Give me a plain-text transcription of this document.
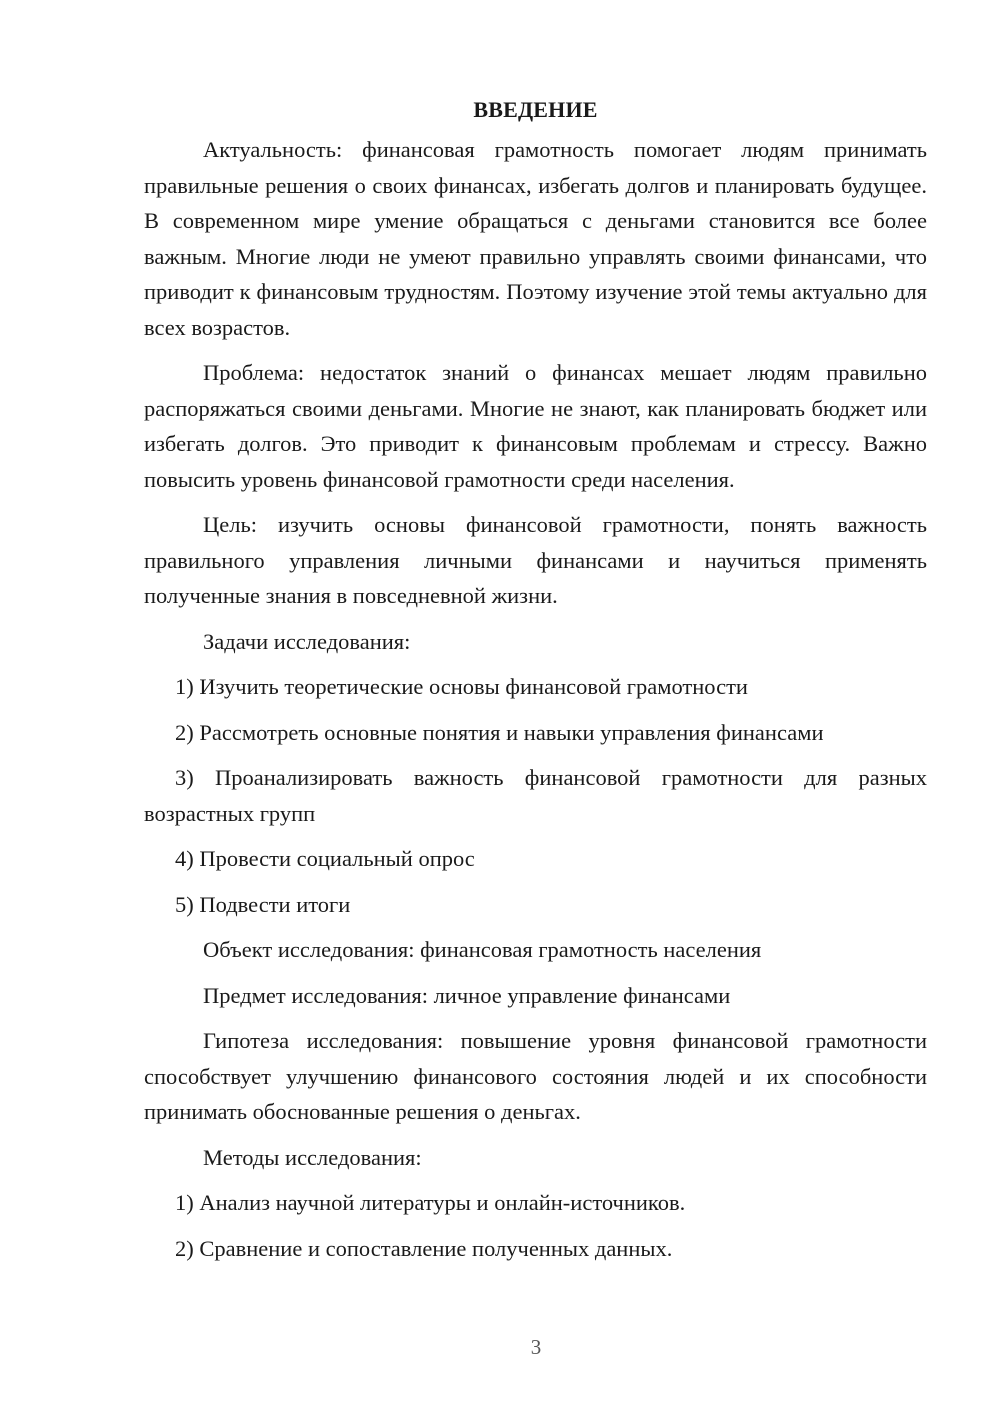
ВВЕДЕНИЕ

Актуальность: финансовая грамотность помогает людям принимать правильные решения о своих финансах, избегать долгов и планировать будущее. В современном мире умение обращаться с деньгами становится все более важным. Многие люди не умеют правильно управлять своими финансами, что приводит к финансовым трудностям. Поэтому изучение этой темы актуально для всех возрастов.

Проблема: недостаток знаний о финансах мешает людям правильно распоряжаться своими деньгами. Многие не знают, как планировать бюджет или избегать долгов. Это приводит к финансовым проблемам и стрессу. Важно повысить уровень финансовой грамотности среди населения.

Цель: изучить основы финансовой грамотности, понять важность правильного управления личными финансами и научиться применять полученные знания в повседневной жизни.

Задачи исследования:

1) Изучить теоретические основы финансовой грамотности

2) Рассмотреть основные понятия и навыки управления финансами

3) Проанализировать важность финансовой грамотности для разных возрастных групп

4) Провести социальный опрос

5) Подвести итоги

Объект исследования: финансовая грамотность населения

Предмет исследования: личное управление финансами

Гипотеза исследования: повышение уровня финансовой грамотности способствует улучшению финансового состояния людей и их способности принимать обоснованные решения о деньгах.

Методы исследования:

1) Анализ научной литературы и онлайн-источников.

2) Сравнение и сопоставление полученных данных.

3
